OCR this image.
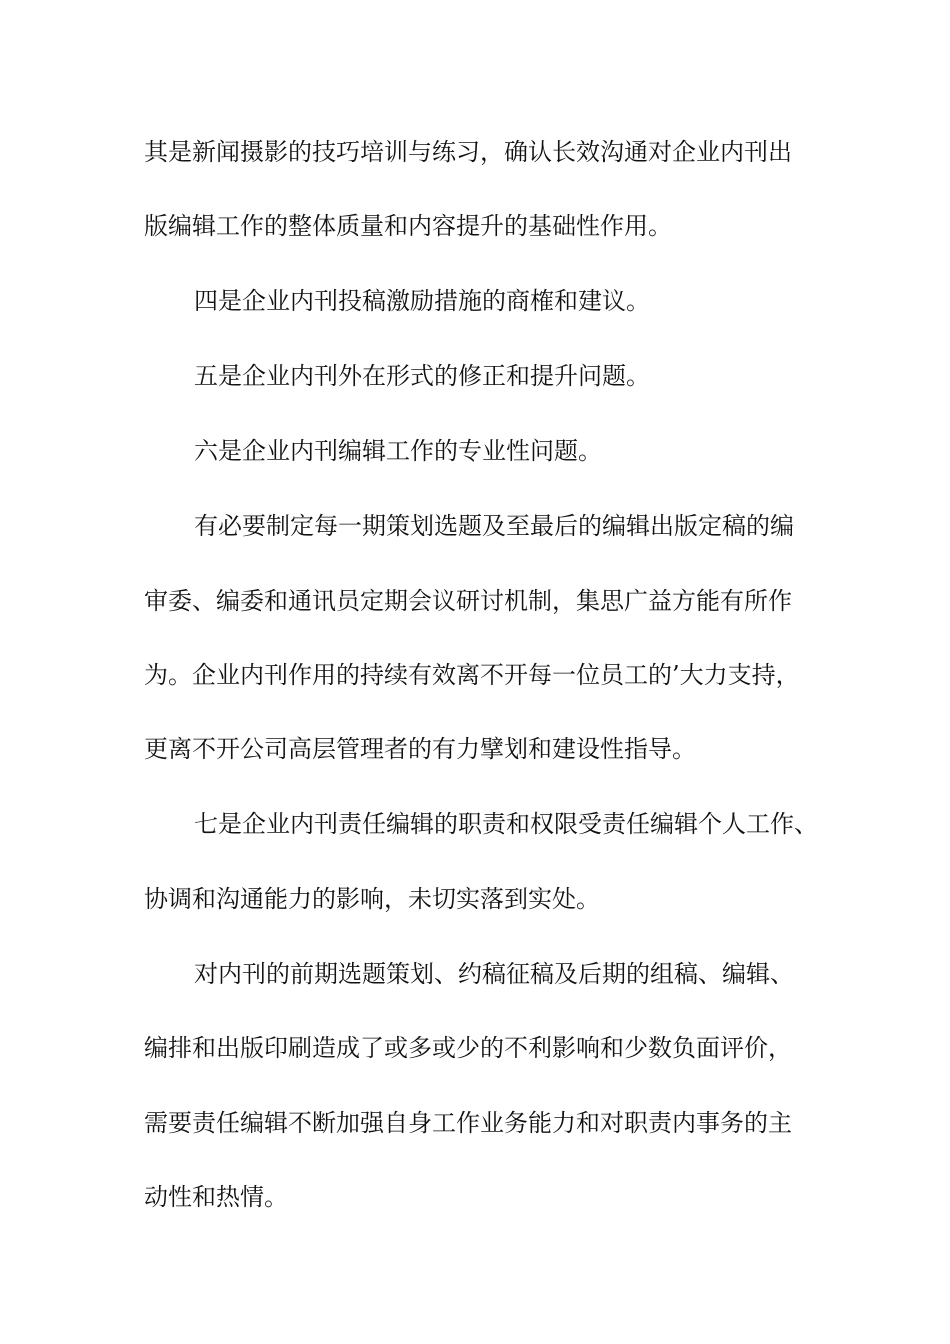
其是新闻摄影的技巧培训与练习，确认长效沟通对企业内刊出
版编辑工作的整体质量和内容提升的基础性作用。
四是企业内刊投稿激励措施的商榷和建议。
五是企业内刊外在形式的修正和提升问题。
六是企业内刊编辑工作的专业性问题。
有必要制定每一期策划选题及至最后的编辑出版定稿的编
审委、编委和通讯员定期会议研讨机制，集思广益方能有所作
为。企业内刊作用的持续有效离不开每一位员工的’大力支持，
更离不开公司高层管理者的有力擘划和建设性指导。
七是企业内刊责任编辑的职责和权限受责任编辑个人工作、
协调和沟通能力的影响，未切实落到实处。
对内刊的前期选题策划、约稿征稿及后期的组稿、编辑、
编排和出版印刷造成了或多或少的不利影响和少数负面评价，
需要责任编辑不断加强自身工作业务能力和对职责内事务的主
动性和热情。
